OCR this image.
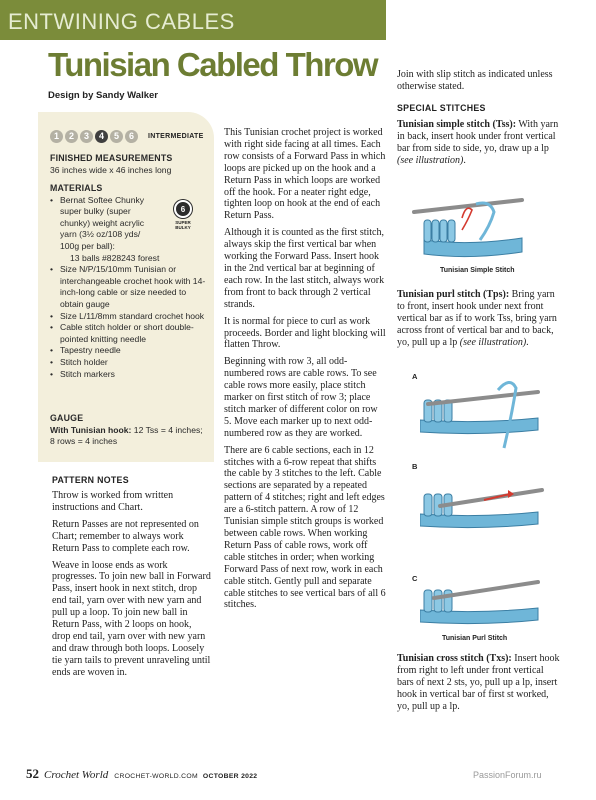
ENTWINING CABLES
Tunisian Cabled Throw
Design by Sandy Walker
1	2	3	4	5	6	INTERMEDIATE
FINISHED MEASUREMENTS
36 inches wide x 46 inches long
MATERIALS
• Bernat Softee Chunky
super bulky (super
chunky) weight acrylic
yarn (3½ oz/108 yds/
100g per ball):
13 balls #828243 forest
• Size N/P/15/10mm Tunisian or interchangeable crochet hook with 14-inch-long cable or size needed to obtain gauge
• Size L/11/8mm standard crochet hook
• Cable stitch holder or short double-pointed knitting needle
• Tapestry needle
• Stitch holder
• Stitch markers
6
SUPER BULKY
GAUGE
With Tunisian hook: 12 Tss = 4 inches; 8 rows = 4 inches
PATTERN NOTES

Throw is worked from written instructions and Chart.

Return Passes are not represented on Chart; remember to always work Return Pass to complete each row.

Weave in loose ends as work progresses. To join new ball in Forward Pass, insert hook in next stitch, drop end tail, yarn over with new yarn and pull up a loop. To join new ball in Return Pass, with 2 loops on hook, drop end tail, yarn over with new yarn and draw through both loops. Loosely tie yarn tails to prevent unraveling until ends are woven in.

This Tunisian crochet project is worked with right side facing at all times. Each row consists of a Forward Pass in which loops are picked up on the hook and a Return Pass in which loops are worked off the hook. For a neater right edge, tighten loop on hook at the end of each Return Pass.

Although it is counted as the first stitch, always skip the first vertical bar when working the Forward Pass. Insert hook in the 2nd vertical bar at beginning of each row. In the last stitch, always work from front to back through 2 vertical strands.

It is normal for piece to curl as work proceeds. Border and light blocking will flatten Throw.

Beginning with row 3, all odd-numbered rows are cable rows. To see cable rows more easily, place stitch marker on first stitch of row 3; place stitch marker of different color on row 5. Move each marker up to next odd-numbered row as they are worked.

There are 6 cable sections, each in 12 stitches with a 6-row repeat that shifts the cable by 3 stitches to the left. Cable sections are separated by a repeated pattern of 4 stitches; right and left edges are a 6-stitch pattern. A row of 12 Tunisian simple stitch groups is worked between cable rows. When working Return Pass of cable rows, work off cable stitches in order; when working Forward Pass of next row, work in each cable stitch. Gently pull and separate cable stitches to see vertical bars of all 6 stitches.

Join with slip stitch as indicated unless otherwise stated.
SPECIAL STITCHES
Tunisian simple stitch (Tss): With yarn in back, insert hook under front vertical bar from side to side, yo, draw up a lp (see illustration).
Tunisian Simple Stitch
Tunisian purl stitch (Tps): Bring yarn to front, insert hook under next front vertical bar as if to work Tss, bring yarn across front of vertical bar and to back, yo, pull up a lp (see illustration).
A
B
C
Tunisian Purl Stitch
Tunisian cross stitch (Txs): Insert hook from right to left under front vertical bars of next 2 sts, yo, pull up a lp, insert hook in vertical bar of first st worked, yo, pull up a lp.
52 Crochet World CROCHET-WORLD.COM OCTOBER 2022	PassionForum.ru
